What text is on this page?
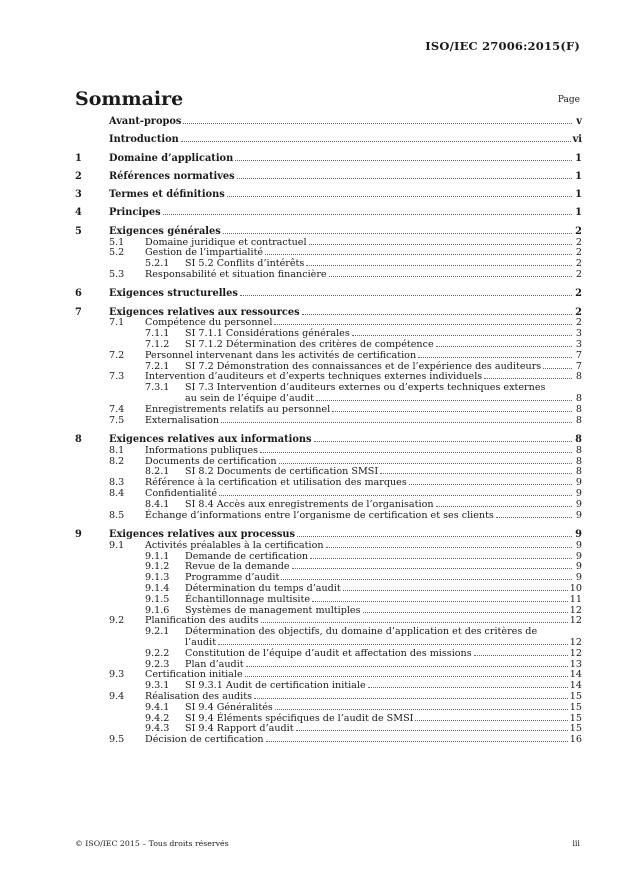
ISO/IEC 27006:2015(F)
Sommaire	Page
Avant-propos	v
Introduction	vi
1	Domaine d’application	1
2	Références normatives	1
3	Termes et définitions	1
4	Principes	1
5	Exigences générales	2
5.1	Domaine juridique et contractuel	2
5.2	Gestion de l’impartialité	2
5.2.1	SI 5.2 Conflits d’intérêts	2
5.3	Responsabilité et situation financière	2
6	Exigences structurelles	2
7	Exigences relatives aux ressources	2
7.1	Compétence du personnel	2
7.1.1	SI 7.1.1 Considérations générales	3
7.1.2	SI 7.1.2 Détermination des critères de compétence	3
7.2	Personnel intervenant dans les activités de certification	7
7.2.1	SI 7.2 Démonstration des connaissances et de l’expérience des auditeurs	7
7.3	Intervention d’auditeurs et d’experts techniques externes individuels	8
7.3.1	SI 7.3 Intervention d’auditeurs externes ou d’experts techniques externes
au sein de l’équipe d’audit	8
7.4	Enregistrements relatifs au personnel	8
7.5	Externalisation	8
8	Exigences relatives aux informations	8
8.1	Informations publiques	8
8.2	Documents de certification	8
8.2.1	SI 8.2 Documents de certification SMSI	8
8.3	Référence à la certification et utilisation des marques	9
8.4	Confidentialité	9
8.4.1	SI 8.4 Accès aux enregistrements de l’organisation	9
8.5	Échange d’informations entre l’organisme de certification et ses clients	9
9	Exigences relatives aux processus	9
9.1	Activités préalables à la certification	9
9.1.1	Demande de certification	9
9.1.2	Revue de la demande	9
9.1.3	Programme d’audit	9
9.1.4	Détermination du temps d’audit	10
9.1.5	Échantillonnage multisite	11
9.1.6	Systèmes de management multiples	12
9.2	Planification des audits	12
9.2.1	Détermination des objectifs, du domaine d’application et des critères de
l’audit	12
9.2.2	Constitution de l’équipe d’audit et affectation des missions	12
9.2.3	Plan d’audit	13
9.3	Certification initiale	14
9.3.1	SI 9.3.1 Audit de certification initiale	14
9.4	Réalisation des audits	15
9.4.1	SI 9.4 Généralités	15
9.4.2	SI 9.4 Éléments spécifiques de l’audit de SMSI	15
9.4.3	SI 9.4 Rapport d’audit	15
9.5	Décision de certification	16
© ISO/IEC 2015 – Tous droits réservés	iii
